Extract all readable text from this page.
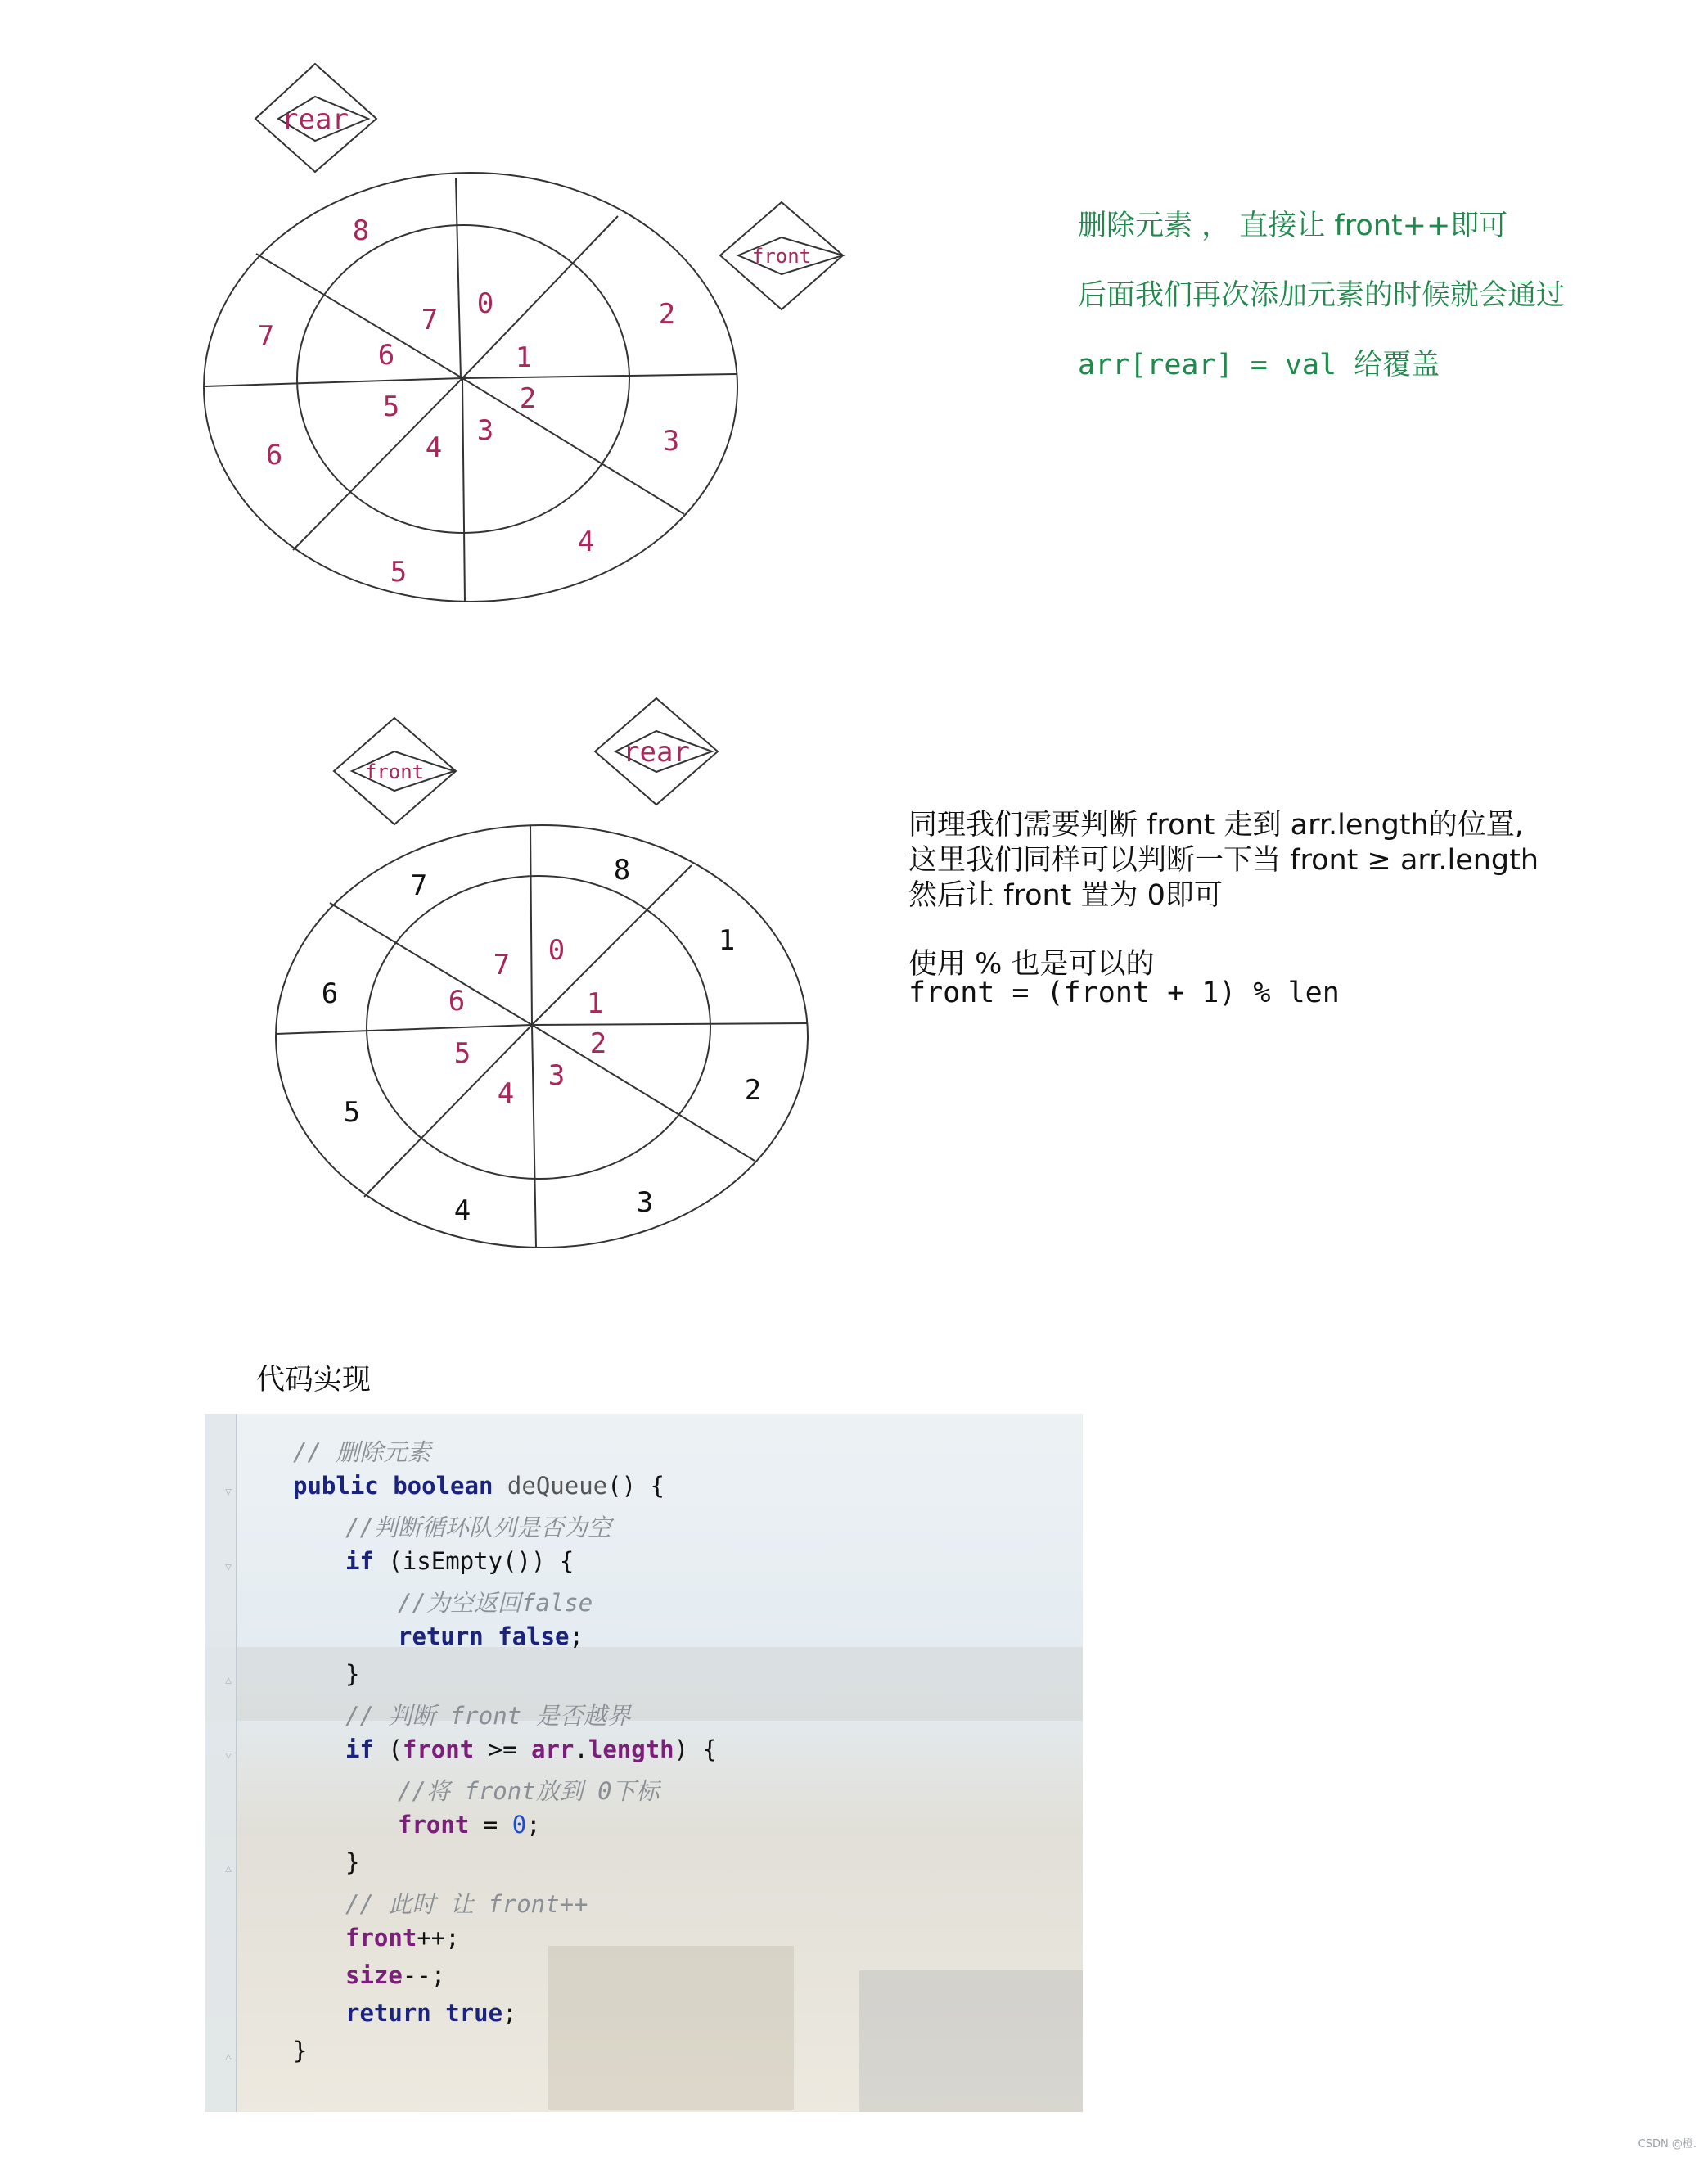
rear
front
0
1
2
3
4
5
6
7
8
7
6
5
4
3
2
front
rear
0
1
2
3
4
5
6
7
8
1
2
3
4
5
6
7
删除元素 ， 直接让 front++即可
后面我们再次添加元素的时候就会通过
arr[rear] = val 给覆盖
同理我们需要判断 front 走到 arr.length的位置,
这里我们同样可以判断一下当 front ≥ arr.length
然后让 front 置为 0即可
使用 % 也是可以的
front = (front + 1) % len
代码实现
▿
▿
▵
▿
▵
▵
// 删除元素
public boolean deQueue() {
//判断循环队列是否为空
if (isEmpty()) {
//为空返回false
return false;
}
// 判断 front 是否越界
if (front >= arr.length) {
//将 front放到 0下标
front = 0;
}
// 此时 让 front++
front++;
size--;
return true;
}
CSDN @橙.
